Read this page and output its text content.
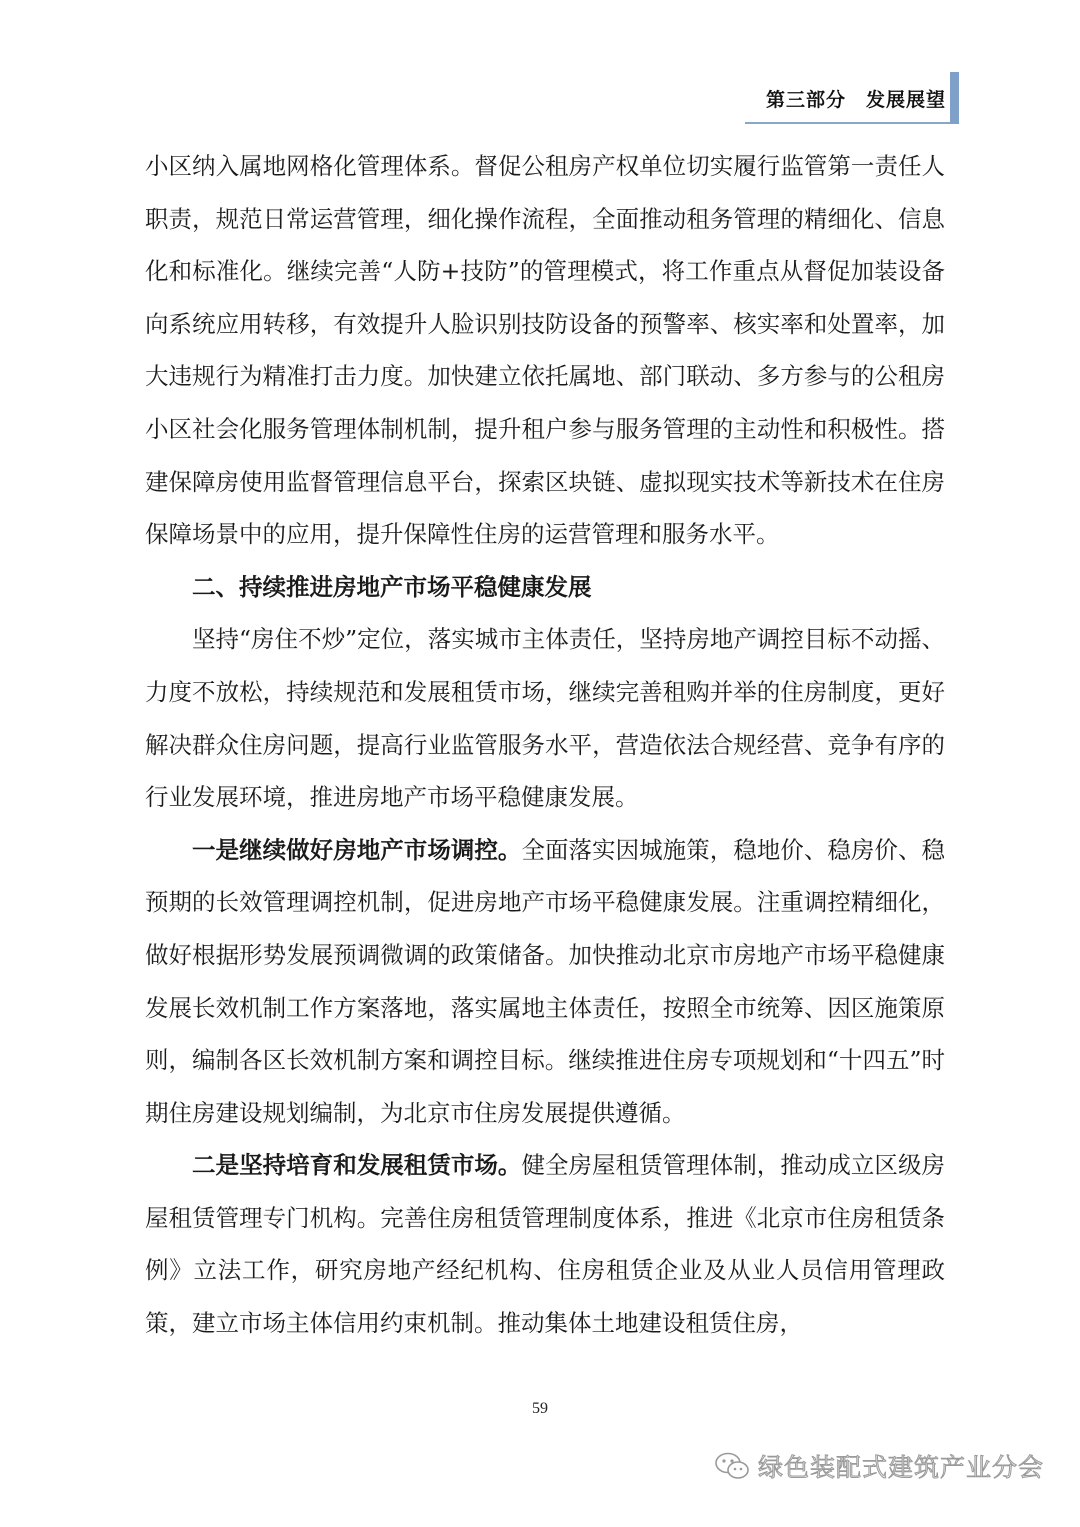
第三部分　发展展望

小区纳入属地网格化管理体系。督促公租房产权单位切实履行监管第一责任人职责，规范日常运营管理，细化操作流程，全面推动租务管理的精细化、信息化和标准化。继续完善“人防+技防”的管理模式，将工作重点从督促加装设备向系统应用转移，有效提升人脸识别技防设备的预警率、核实率和处置率，加大违规行为精准打击力度。加快建立依托属地、部门联动、多方参与的公租房小区社会化服务管理体制机制，提升租户参与服务管理的主动性和积极性。搭建保障房使用监督管理信息平台，探索区块链、虚拟现实技术等新技术在住房保障场景中的应用，提升保障性住房的运营管理和服务水平。

二、持续推进房地产市场平稳健康发展

坚持“房住不炒”定位，落实城市主体责任，坚持房地产调控目标不动摇、力度不放松，持续规范和发展租赁市场，继续完善租购并举的住房制度，更好解决群众住房问题，提高行业监管服务水平，营造依法合规经营、竞争有序的行业发展环境，推进房地产市场平稳健康发展。

一是继续做好房地产市场调控。全面落实因城施策，稳地价、稳房价、稳预期的长效管理调控机制，促进房地产市场平稳健康发展。注重调控精细化，做好根据形势发展预调微调的政策储备。加快推动北京市房地产市场平稳健康发展长效机制工作方案落地，落实属地主体责任，按照全市统筹、因区施策原则，编制各区长效机制方案和调控目标。继续推进住房专项规划和“十四五”时期住房建设规划编制，为北京市住房发展提供遵循。

二是坚持培育和发展租赁市场。健全房屋租赁管理体制，推动成立区级房屋租赁管理专门机构。完善住房租赁管理制度体系，推进《北京市住房租赁条例》立法工作，研究房地产经纪机构、住房租赁企业及从业人员信用管理政策，建立市场主体信用约束机制。推动集体土地建设租赁住房，

59
绿色装配式建筑产业分会
